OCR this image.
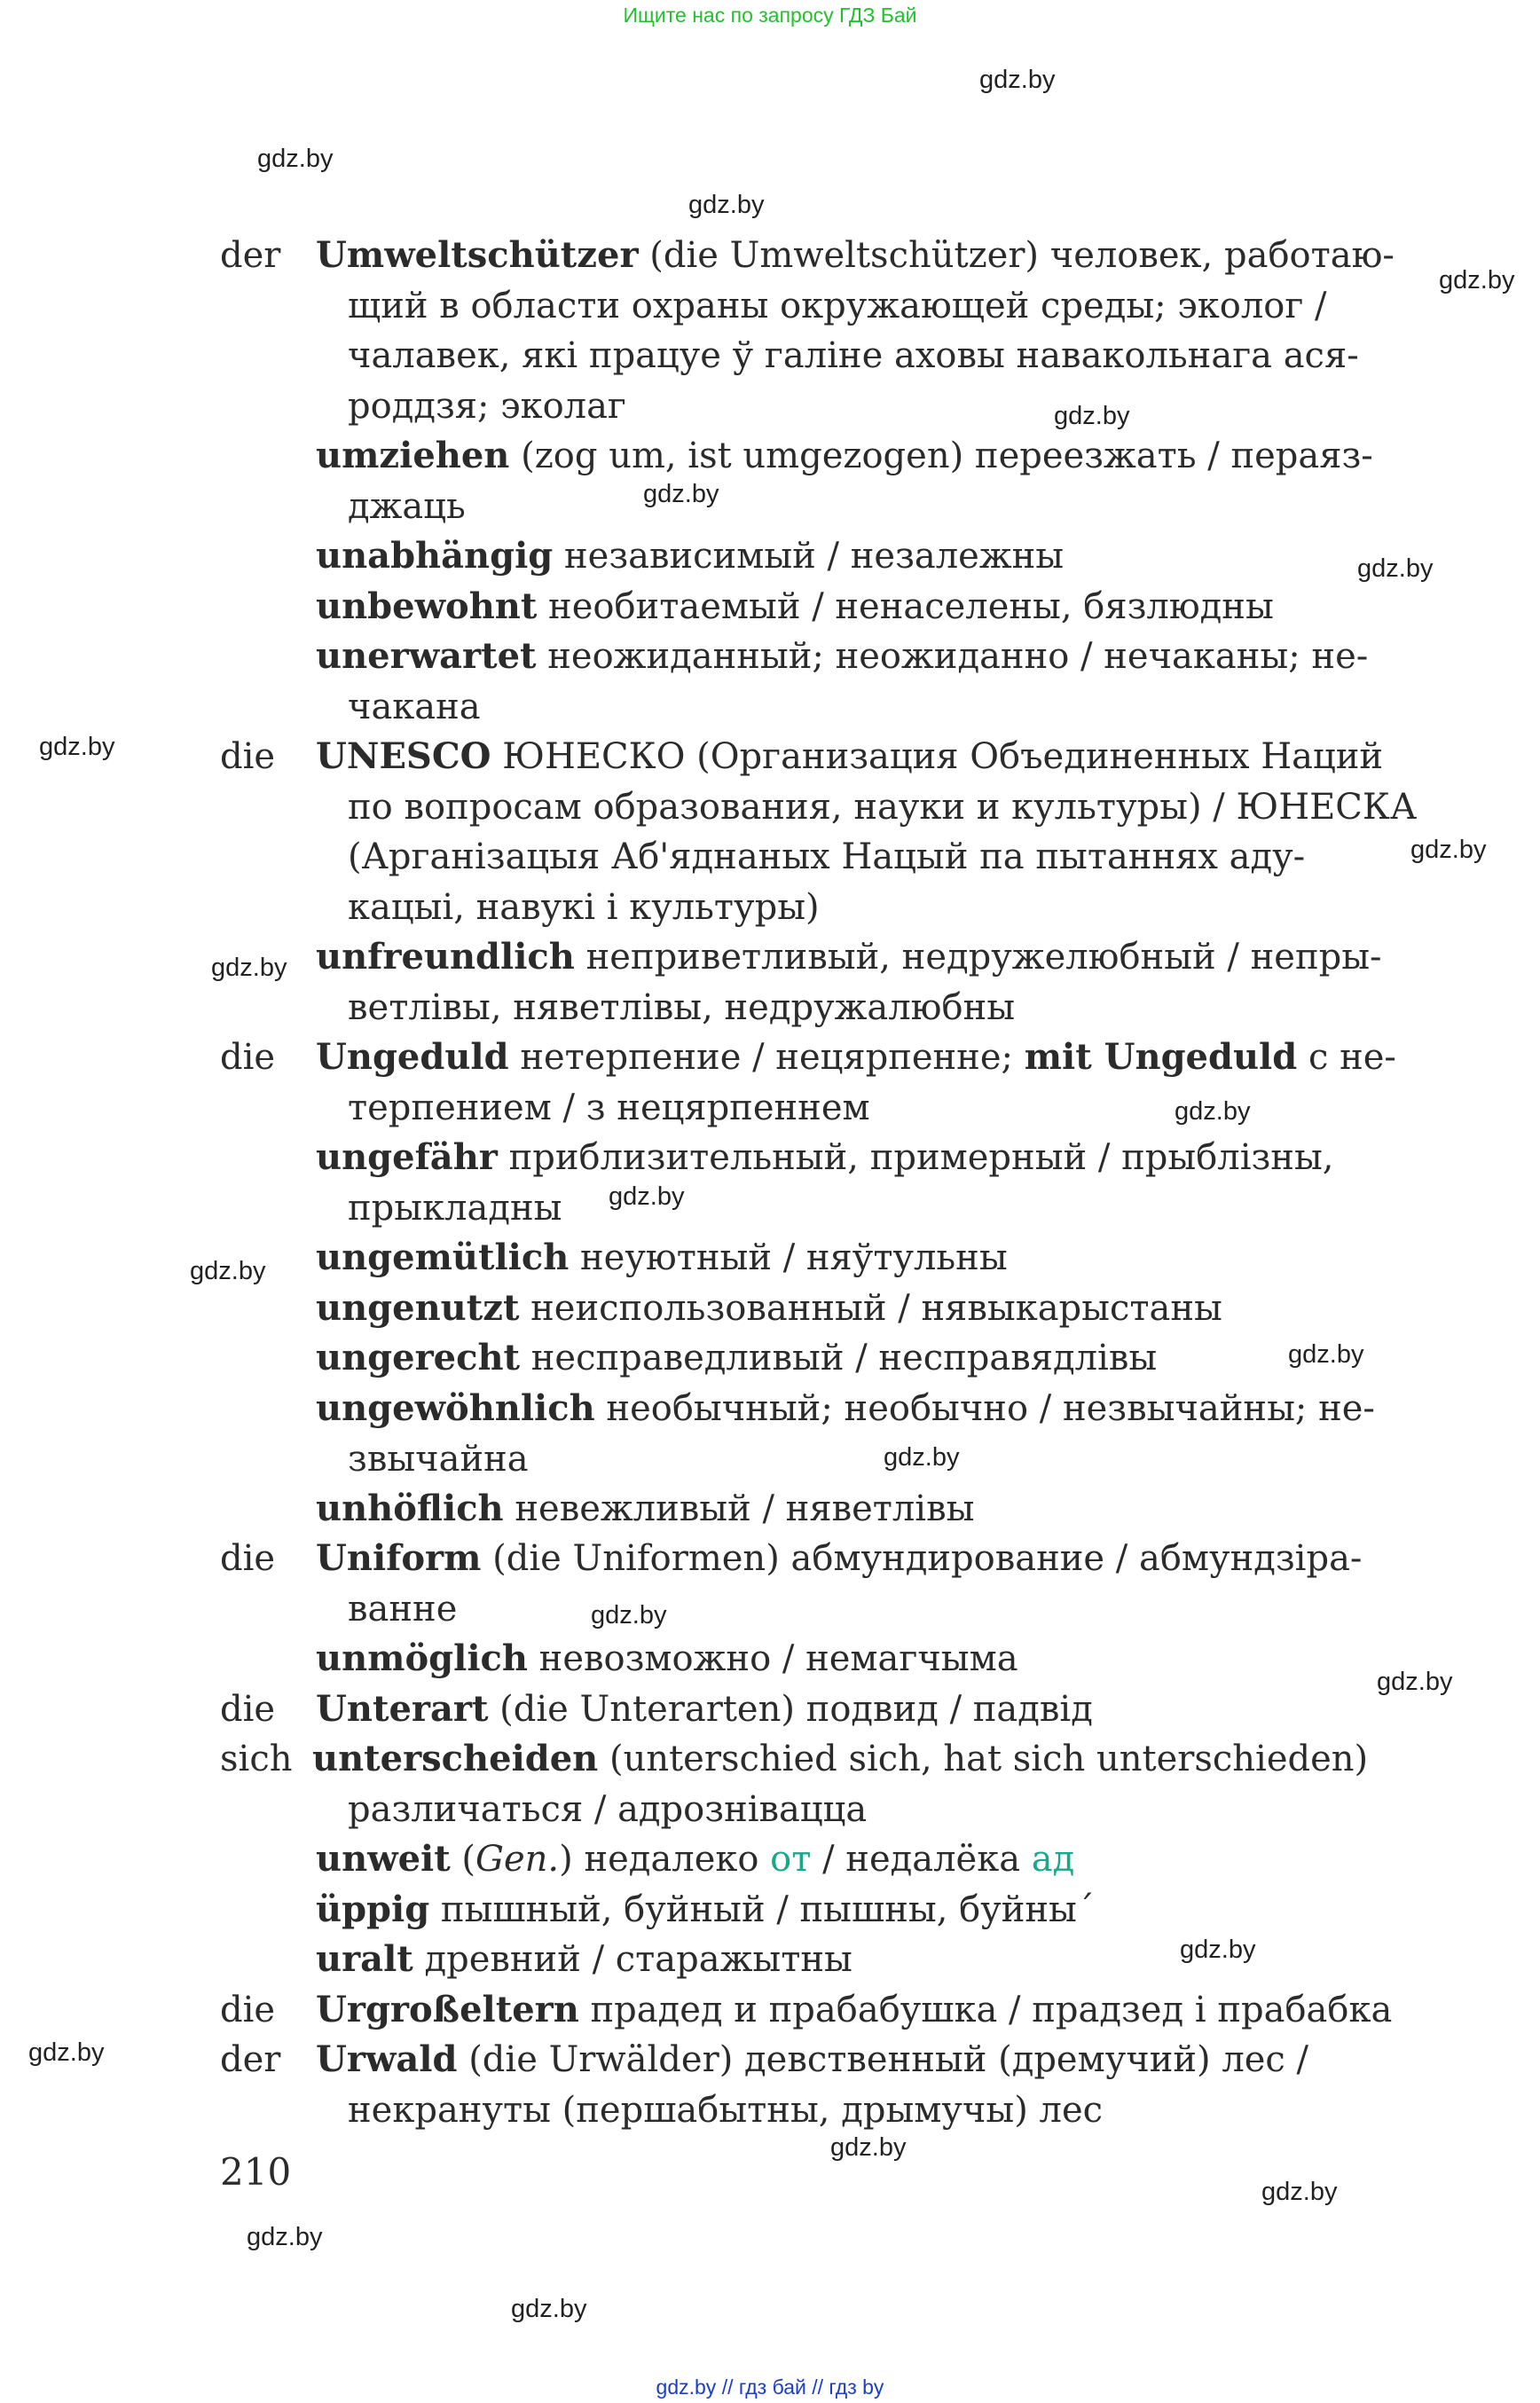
Ищите нас по запросу ГДЗ Бай
gdz.by
gdz.by
gdz.by
gdz.by
gdz.by
gdz.by
gdz.by
gdz.by
gdz.by
gdz.by
gdz.by
gdz.by
gdz.by
gdz.by
gdz.by
gdz.by
gdz.by
gdz.by
gdz.by
gdz.by
gdz.by
gdz.by
gdz.by
der Umweltschützer (die Umweltschützer) человек, работаю-
щий в области охраны окружающей среды; эколог /
чалавек, які працуе ў галіне аховы навакольнага ася-
роддзя; эколаг
umziehen (zog um, ist umgezogen) переезжать / пераяз-
джаць
unabhängig независимый / незалежны
unbewohnt необитаемый / ненаселены, бязлюдны
unerwartet неожиданный; неожиданно / нечаканы; не-
чакана
die UNESCO ЮНЕСКО (Организация Объединенных Наций
по вопросам образования, науки и культуры) / ЮНЕСКА
(Арганізацыя Аб'яднаных Нацый па пытаннях аду-
кацыі, навукі і культуры)
unfreundlich неприветливый, недружелюбный / непры-
ветлівы, няветлівы, недружалюбны
die Ungeduld нетерпение / нецярпенне; mit Ungeduld с не-
терпением / з нецярпеннем
ungefähr приблизительный, примерный / прыблізны,
прыкладны
ungemütlich неуютный / няўтульны
ungenutzt неиспользованный / нявыкарыстаны
ungerecht несправедливый / несправядлівы
ungewöhnlich необычный; необычно / незвычайны; не-
звычайна
unhöflich невежливый / няветлівы
die Uniform (die Uniformen) абмундирование / абмундзіра-
ванне
unmöglich невозможно / немагчыма
die Unterart (die Unterarten) подвид / падвід
sich unterscheiden (unterschied sich, hat sich unterschieden)
различаться / адрозніваццa
unweit (Gen.) недалеко от / недалёка ад
üppig пышный, буйный / пышны, буйны´
uralt древний / старажытны
die Urgroßeltern прадед и прабабушка / прадзед і прабабка
der Urwald (die Urwälder) девственный (дремучий) лес /
некрануты (першабытны, дрымучы) лес
210
gdz.by // гдз бай // гдз by
